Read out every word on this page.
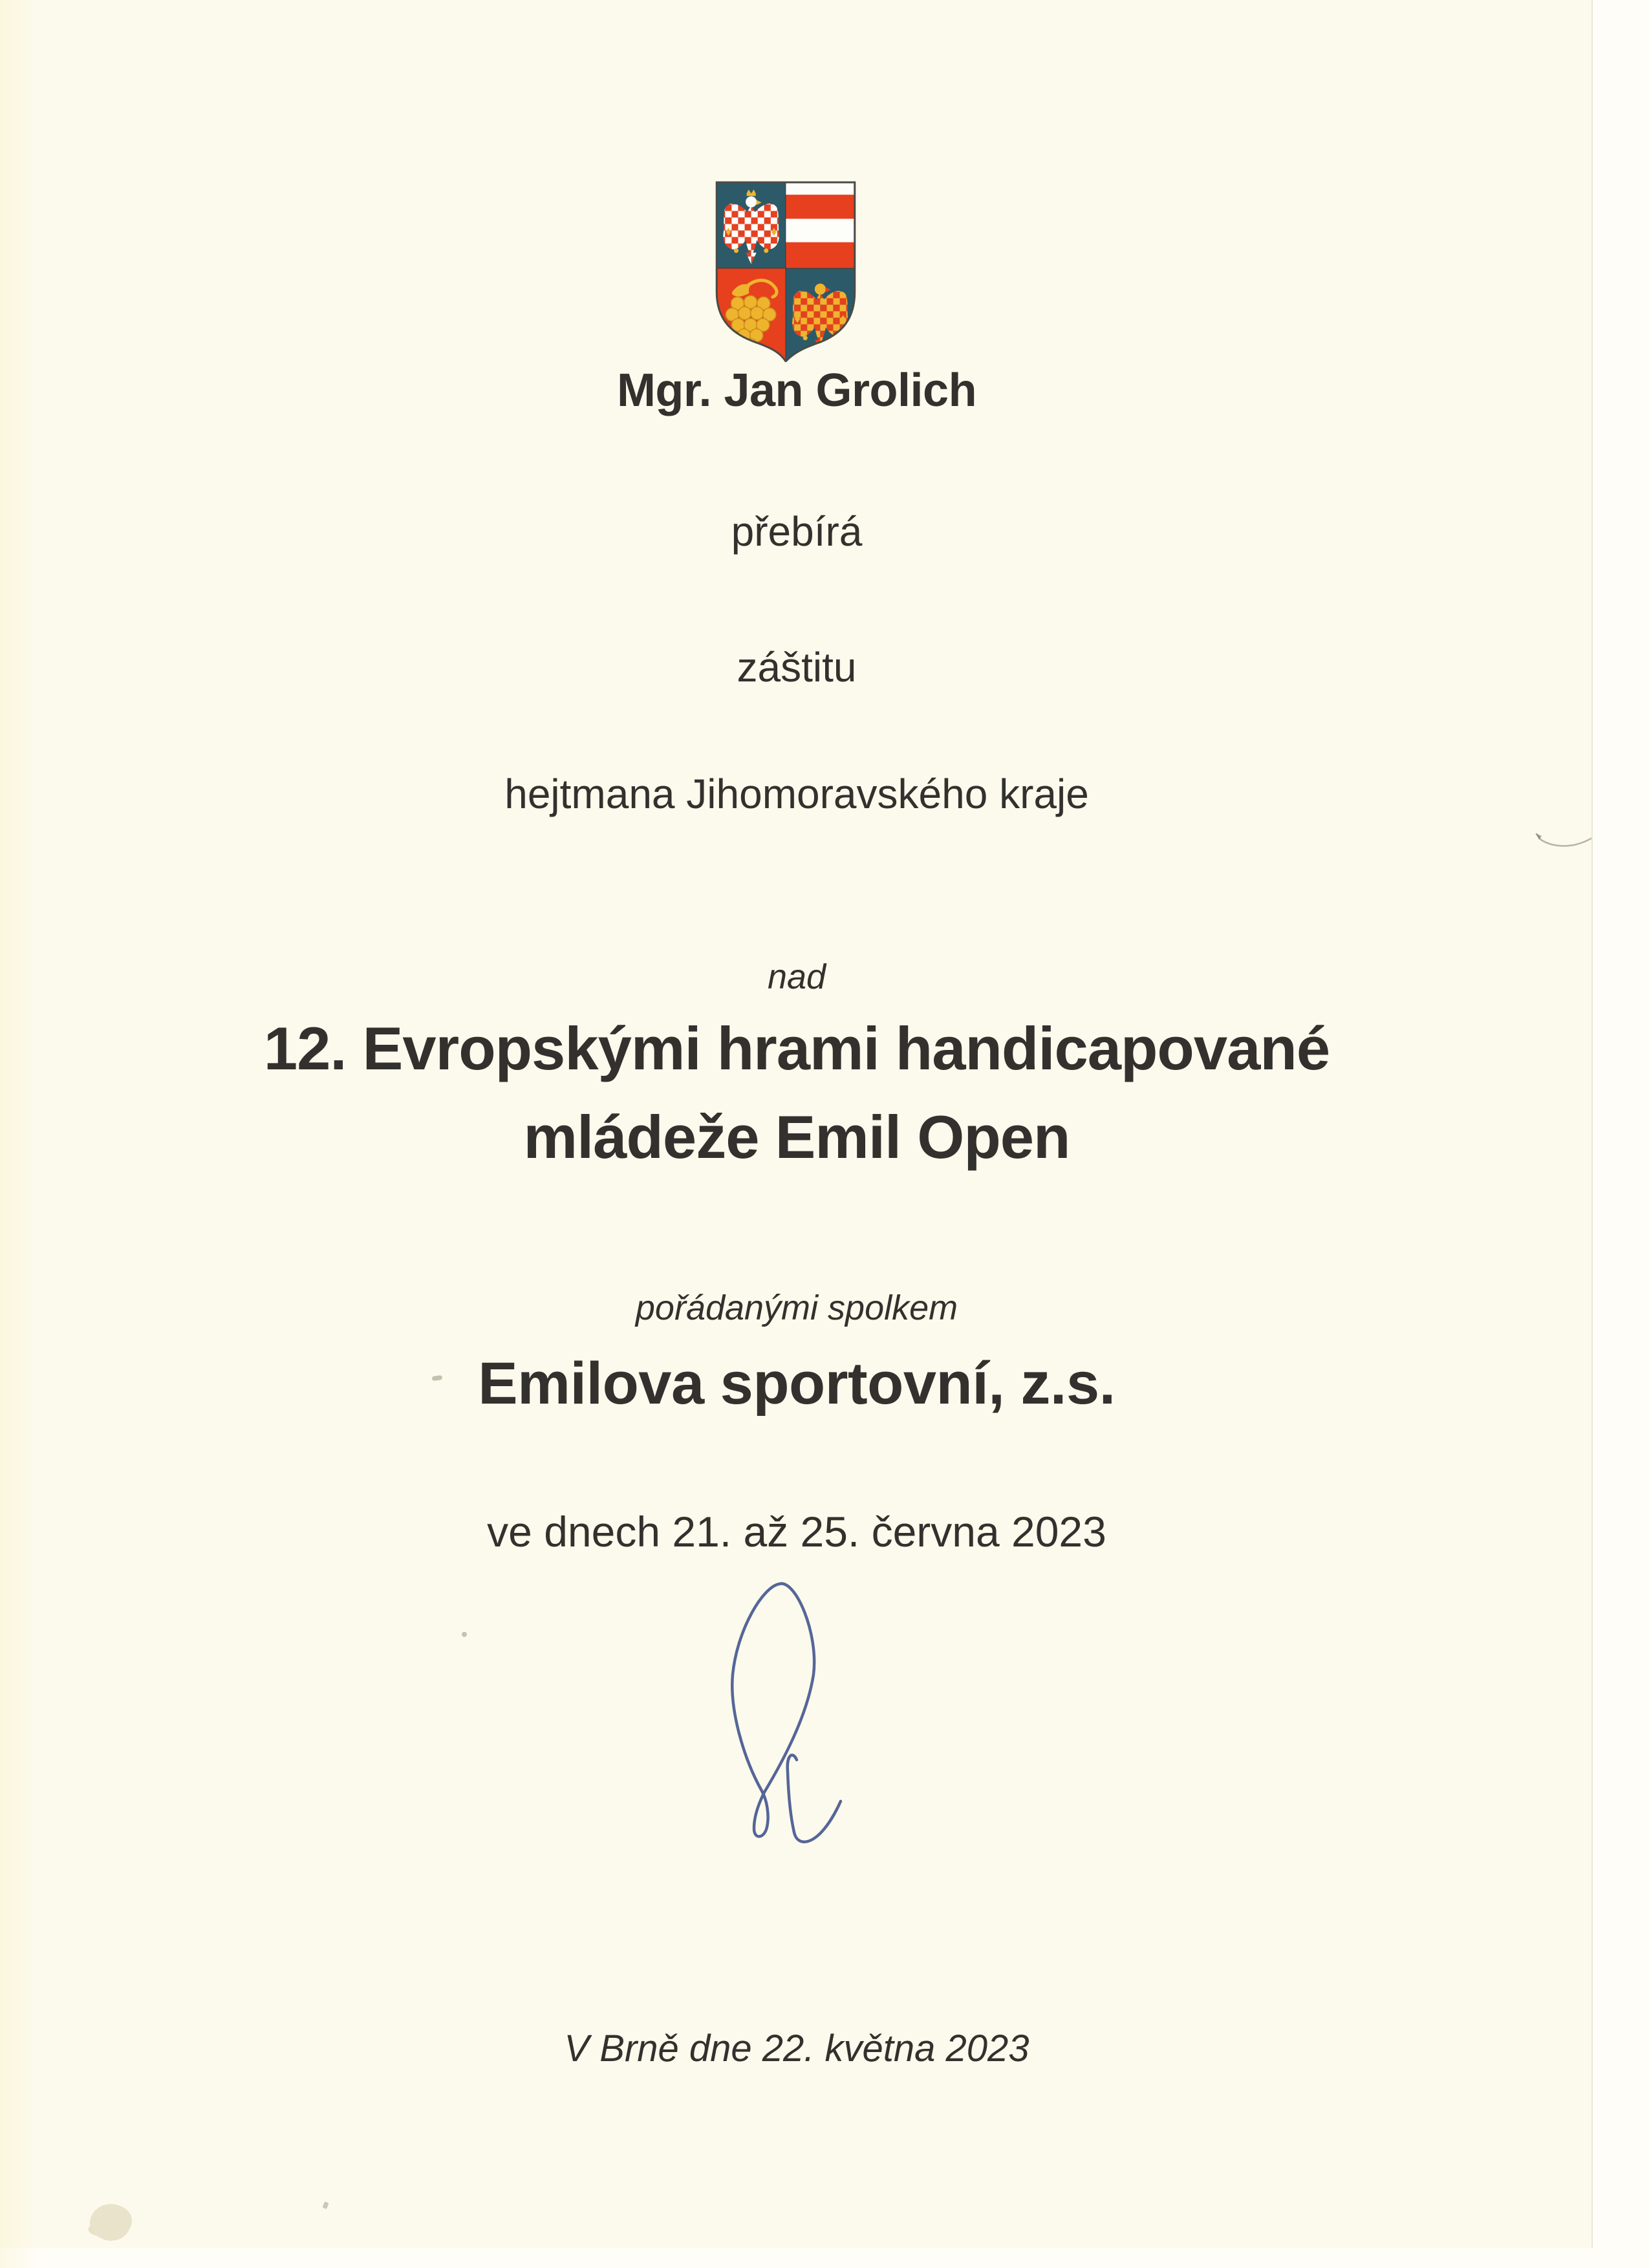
Mgr. Jan Grolich
přebírá
záštitu
hejtmana Jihomoravského kraje
nad
12. Evropskými hrami handicapované
mládeže Emil Open
pořádanými spolkem
Emilova sportovní, z.s.
ve dnech 21. až 25. června 2023
V Brně dne 22. května 2023
